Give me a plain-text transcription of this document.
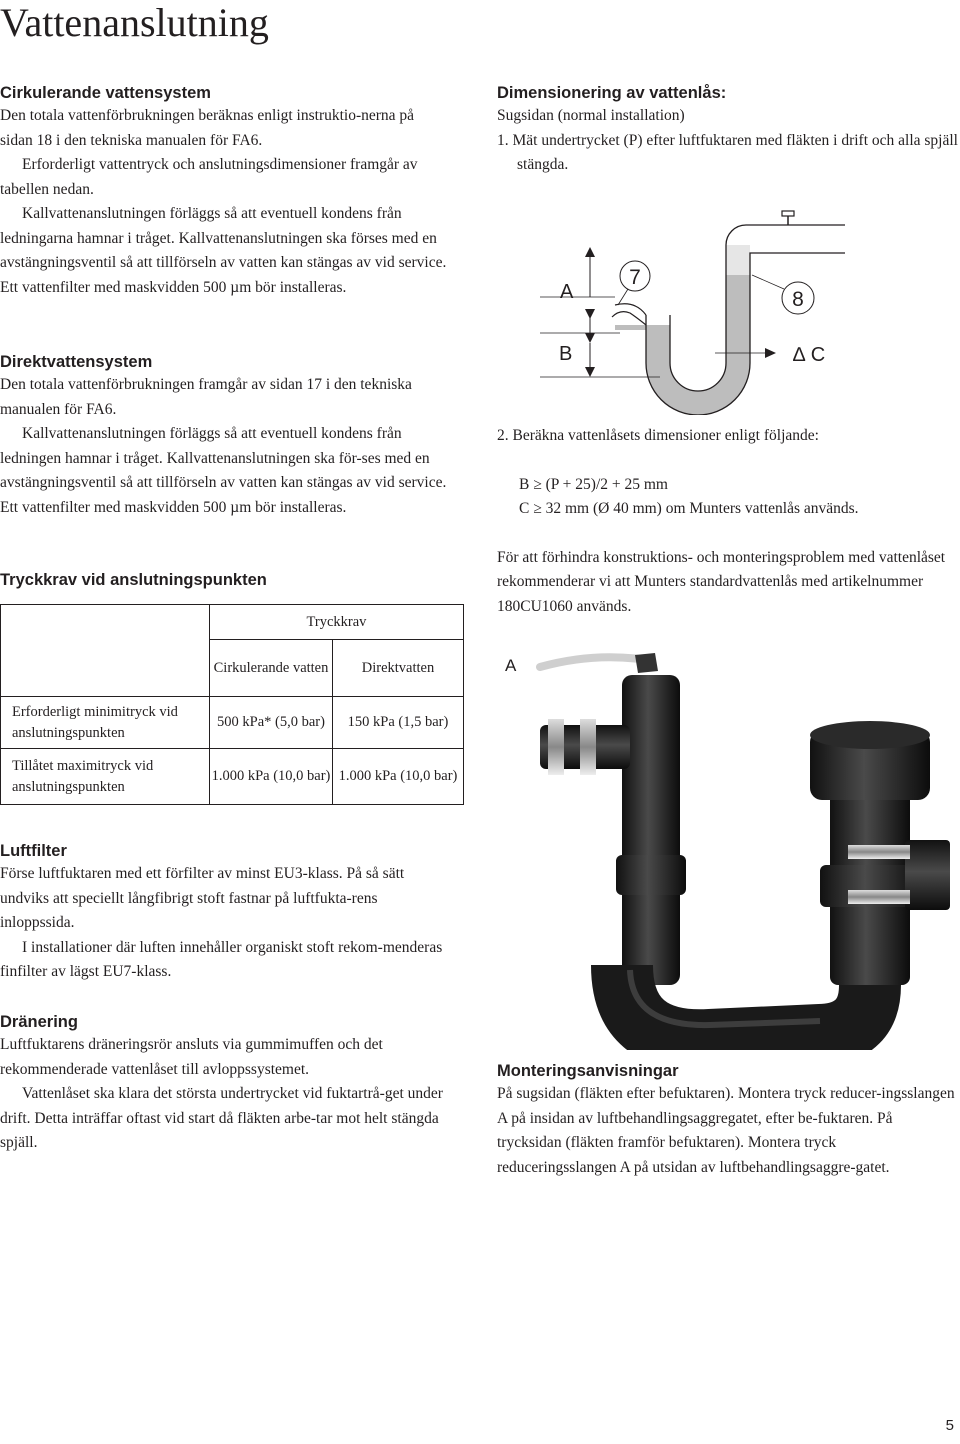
Vattenanslutning
Cirkulerande vattensystem

Den totala vattenförbrukningen beräknas enligt instruktio-nerna på sidan 18 i den tekniska manualen för FA6.

Erforderligt vattentryck och anslutningsdimensioner framgår av tabellen nedan.

Kallvattenanslutningen förläggs så att eventuell kondens från ledningarna hamnar i tråget. Kallvattenanslutningen ska förses med en avstängningsventil så att tillförseln av vatten kan stängas av vid service. Ett vattenfilter med maskvidden 500 µm bör installeras.

Direktvattensystem

Den totala vattenförbrukningen framgår av sidan 17 i den tekniska manualen för FA6.

Kallvattenanslutningen förläggs så att eventuell kondens från ledningen hamnar i tråget. Kallvattenanslutningen ska för-ses med en avstängningsventil så att tillförseln av vatten kan stängas av vid service. Ett vattenfilter med maskvidden 500 µm bör installeras.

Tryckkrav vid anslutningspunkten
	Tryckkrav	
	Cirkulerande vatten	Direktvatten
Erforderligt minimitryck vid anslutningspunkten	500 kPa* (5,0 bar)	150 kPa (1,5 bar)
Tillåtet maximitryck vid anslutningspunkten	1.000 kPa (10,0 bar)	1.000 kPa (10,0 bar)
Luftfilter

Förse luftfuktaren med ett förfilter av minst EU3-klass. På så sätt undviks att speciellt långfibrigt stoft fastnar på luftfukta-rens inloppssida.

I installationer där luften innehåller organiskt stoft rekom-menderas finfilter av lägst EU7-klass.

Dränering

Luftfuktarens dräneringsrör ansluts via gummimuffen och det rekommenderade vattenlåset till avloppssystemet.

Vattenlåset ska klara det största undertrycket vid fuktartrå-get under drift. Detta inträffar oftast vid start då fläkten arbe-tar mot helt stängda spjäll.

Dimensionering av vattenlås:

Sugsidan (normal installation)

1. Mät undertrycket (P) efter luftfuktaren med fläkten i drift och alla spjäll stängda.

7
8
A
B	∆ C

2. Beräkna vattenlåsets dimensioner enligt följande:

B ≥ (P + 25)/2 + 25 mm

C ≥ 32 mm (Ø 40 mm) om Munters vattenlås används.

För att förhindra konstruktions- och monteringsproblem med vattenlåset rekommenderar vi att Munters standardvattenlås med artikelnummer 180CU1060 används.

A
Monteringsanvisningar

På sugsidan (fläkten efter befuktaren). Montera tryck reducer-ingsslangen A på insidan av luftbehandlingsaggregatet, efter be-fuktaren. På trycksidan (fläkten framför befuktaren). Montera tryck reduceringsslangen A på utsidan av luftbehandlingsaggre-gatet.

5
